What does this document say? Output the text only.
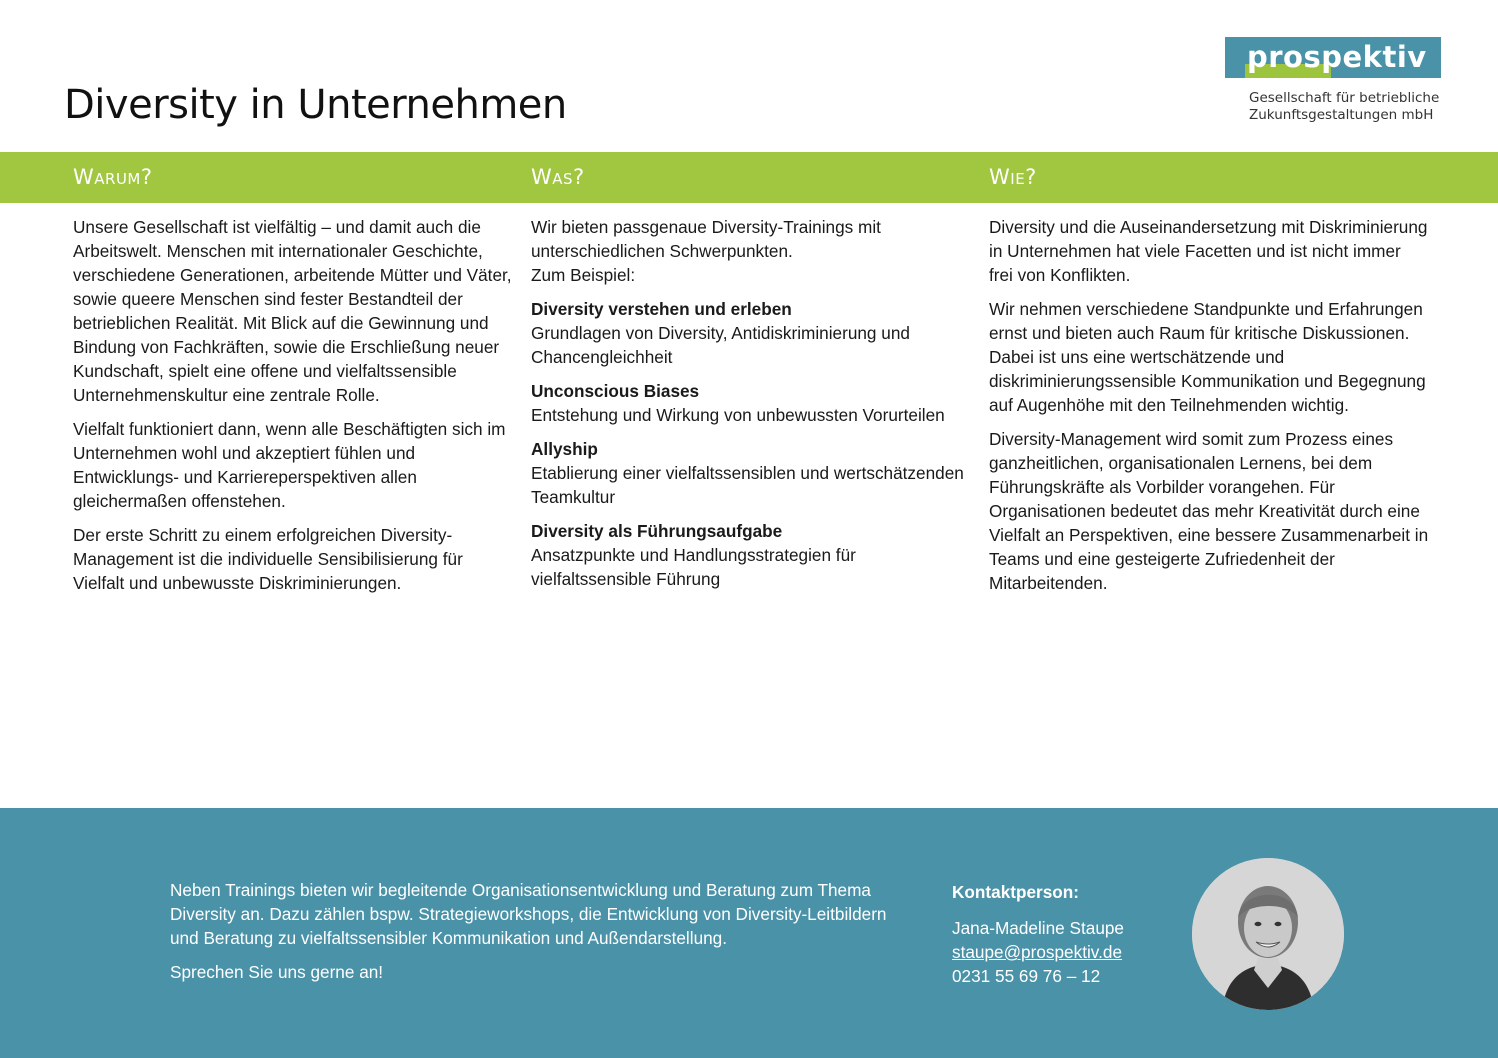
Diversity in Unternehmen
prospektiv
Gesellschaft für betriebliche
Zukunftsgestaltungen mbH
Warum?	Was?	Wie?

Unsere Gesellschaft ist vielfältig – und damit auch die Arbeitswelt. Menschen mit internationaler Geschichte, verschiedene Generationen, arbeitende Mütter und Väter, sowie queere Menschen sind fester Bestandteil der betrieblichen Realität. Mit Blick auf die Gewinnung und Bindung von Fachkräften, sowie die Erschließung neuer Kundschaft, spielt eine offene und vielfaltssensible Unternehmenskultur eine zentrale Rolle.

Vielfalt funktioniert dann, wenn alle Beschäftigten sich im Unternehmen wohl und akzeptiert fühlen und Entwicklungs- und Karriereperspektiven allen gleichermaßen offenstehen.

Der erste Schritt zu einem erfolgreichen Diversity-Management ist die individuelle Sensibilisierung für Vielfalt und unbewusste Diskriminierungen.

Wir bieten passgenaue Diversity-Trainings mit unterschiedlichen Schwerpunkten.
Zum Beispiel:
Diversity verstehen und erleben
Grundlagen von Diversity, Antidiskriminierung und Chancengleichheit
Unconscious Biases
Entstehung und Wirkung von unbewussten Vorurteilen
Allyship
Etablierung einer vielfaltssensiblen und wertschätzenden Teamkultur
Diversity als Führungsaufgabe
Ansatzpunkte und Handlungsstrategien für vielfaltssensible Führung

Diversity und die Auseinandersetzung mit Diskriminierung in Unternehmen hat viele Facetten und ist nicht immer frei von Konflikten.

Wir nehmen verschiedene Standpunkte und Erfahrungen ernst und bieten auch Raum für kritische Diskussionen. Dabei ist uns eine wertschätzende und diskriminierungssensible Kommunikation und Begegnung auf Augenhöhe mit den Teilnehmenden wichtig.

Diversity-Management wird somit zum Prozess eines ganzheitlichen, organisationalen Lernens, bei dem Führungskräfte als Vorbilder vorangehen. Für Organisationen bedeutet das mehr Kreativität durch eine Vielfalt an Perspektiven, eine bessere Zusammenarbeit in Teams und eine gesteigerte Zufriedenheit der Mitarbeitenden.

Neben Trainings bieten wir begleitende Organisationsentwicklung und Beratung zum Thema Diversity an. Dazu zählen bspw. Strategieworkshops, die Entwicklung von Diversity-Leitbildern und Beratung zu vielfaltssensibler Kommunikation und Außendarstellung.

Sprechen Sie uns gerne an!

Kontaktperson:
Jana-Madeline Staupe
staupe@prospektiv.de
0231 55 69 76 – 12
